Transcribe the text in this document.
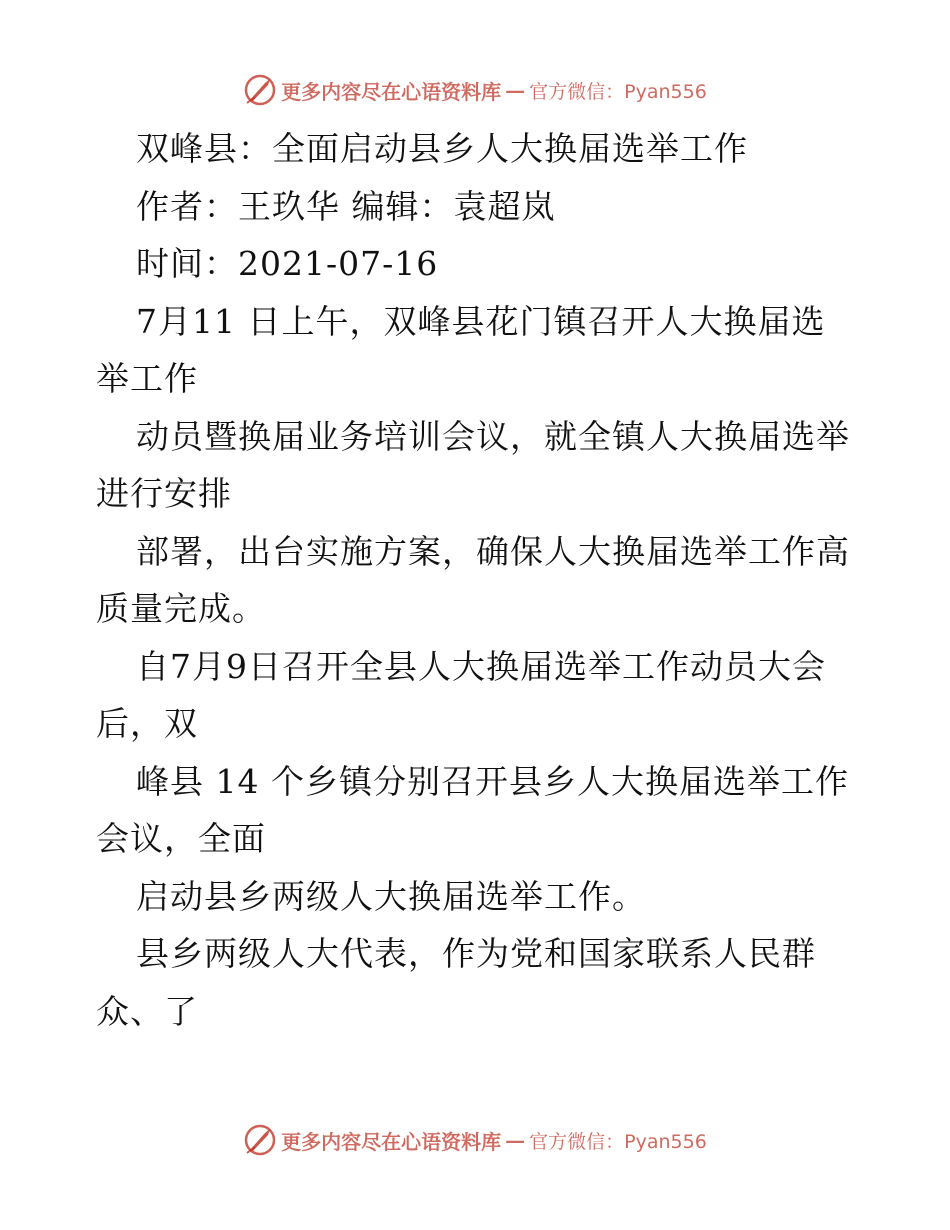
更多内容尽在心语资料库 — 官方微信：Pyan556
双峰县：全面启动县乡人大换届选举工作
作者：王玖华 编辑：袁超岚
时间：2021-07-16
7月11 日上午，双峰县花门镇召开人大换届选
举工作
动员暨换届业务培训会议，就全镇人大换届选举
进行安排
部署，出台实施方案，确保人大换届选举工作高
质量完成。
自7月9日召开全县人大换届选举工作动员大会
后，双
峰县 14 个乡镇分别召开县乡人大换届选举工作
会议，全面
启动县乡两级人大换届选举工作。
县乡两级人大代表，作为党和国家联系人民群
众、了
更多内容尽在心语资料库 — 官方微信：Pyan556
